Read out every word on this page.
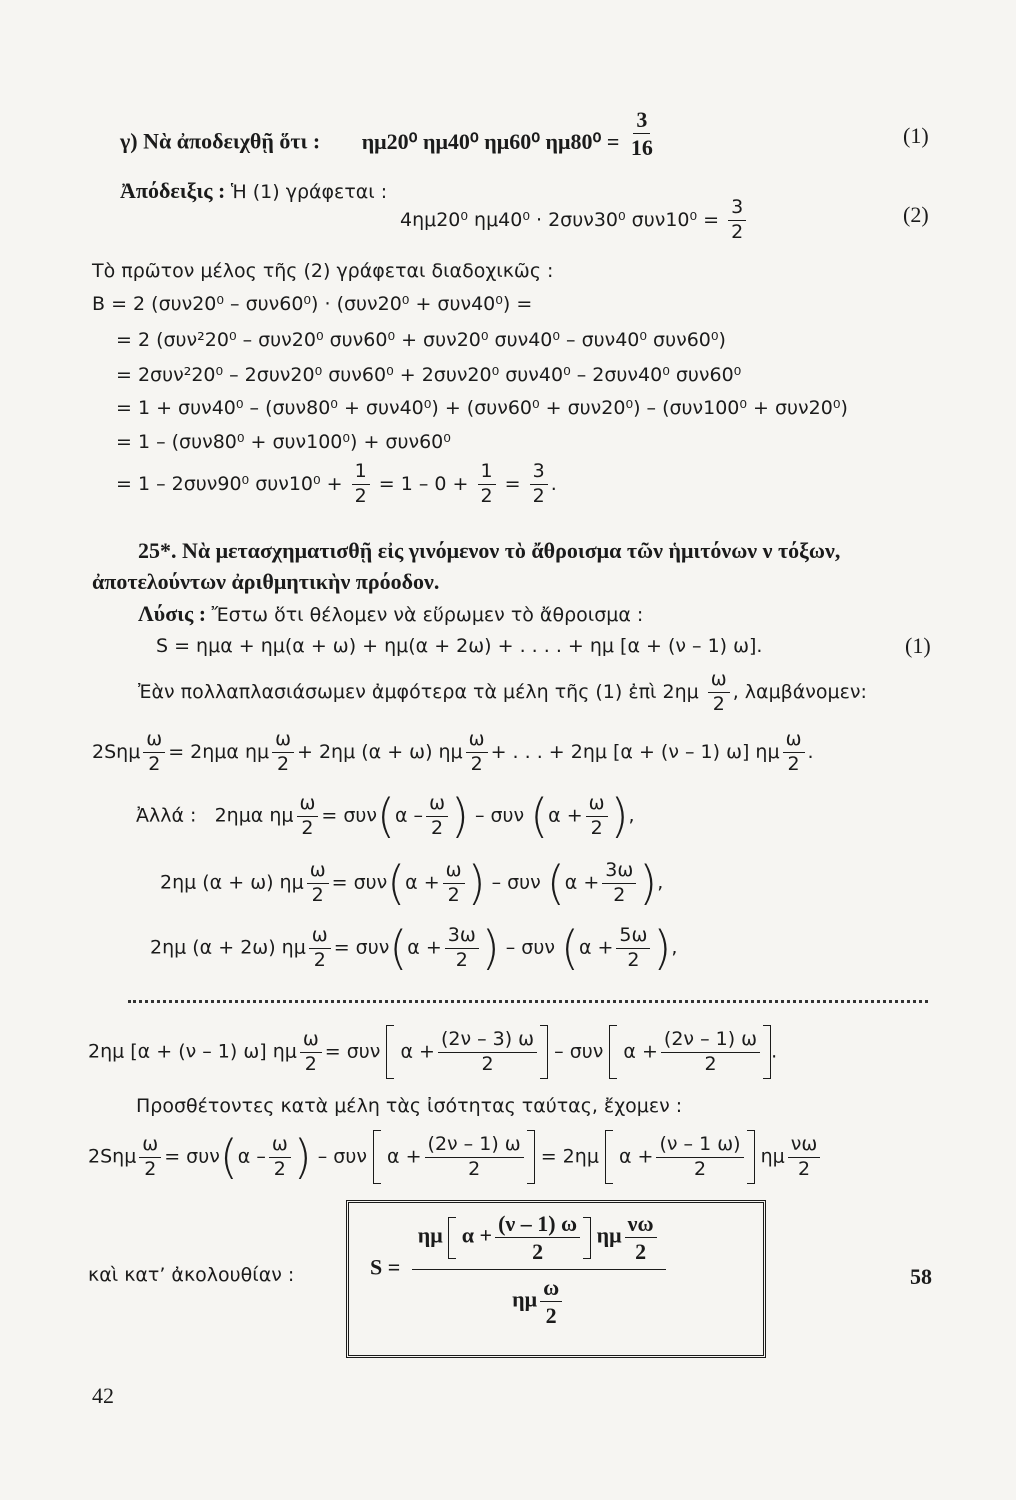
γ) Νὰ ἀποδειχθῇ ὅτι : ημ20⁰ ημ40⁰ ημ60⁰ $\eta\mu 80^0 = \frac{3}{16}$	(1)
Ἀπόδειξις : Ἡ (1) γράφεται :
4ημ20⁰ ημ40⁰ · 2συν30⁰ $\sigma\upsilon\nu 10^0 = \frac{3}{2}$	(2)
Τὸ πρῶτον μέλος τῆς (2) γράφεται διαδοχικῶς :
Β = 2 (συν20⁰ – συν60⁰) · (συν20⁰ + συν40⁰) =
= 2 (συν²20⁰ – συν20⁰ συν60⁰ + συν20⁰ συν40⁰ – συν40⁰ συν60⁰)
= 2συν²20⁰ – 2συν20⁰ συν60⁰ + 2συν20⁰ συν40⁰ – 2συν40⁰ συν60⁰
= 1 + συν40⁰ – (συν80⁰ + συν40⁰) + (συν60⁰ + συν20⁰) – (συν100⁰ + συν20⁰)
= 1 – (συν80⁰ + συν100⁰) + συν60⁰
= 1 – 2συν90⁰ $\sigma\upsilon\nu 10^0 + \frac{1}{2} = 1 - 0 + \frac{1}{2} = \frac{3}{2}$ .
25*. Νὰ μετασχηματισθῇ εἰς γινόμενον τὸ ἄθροισμα τῶν ἡμιτόνων ν τόξων,
ἀποτελούντων ἀριθμητικὴν πρόοδον.
Λύσις : Ἔστω ὅτι θέλομεν νὰ εὕρωμεν τὸ ἄθροισμα :
S = ημα + ημ(α + ω) + ημ(α + 2ω) + . . . . + ημ [α + (ν – 1) ω].	(1)
Ἐὰν πολλαπλασιάσωμεν ἀμφότερα τὰ μέλη τῆς (1) ἐπὶ $2\eta\mu \frac{\omega}{2}$ , λαμβάνομεν:
$2S\eta\mu \frac{\omega}{2} = 2\eta\mu\alpha$ ημ $\frac{\omega}{2} + 2\eta\mu$ (α + ω) ημ $\frac{\omega}{2}$ + . . . + 2ημ [α + (ν – 1) ω] ημ $\frac{\omega}{2}$ .
Ἀλλά :   2ημα ημ $\frac{\omega}{2} = \sigma\upsilon\nu(\alpha - \frac{\omega}{2}$ ) – συν ($\alpha + \frac{\omega}{2}$ ),
2ημ (α + ω) ημ $\frac{\omega}{2} = \sigma\upsilon\nu(\alpha + \frac{\omega}{2}$ ) – συν ($\alpha + \frac{3\omega}{2}$ ),
2ημ (α + 2ω) ημ $\frac{\omega}{2} = \sigma\upsilon\nu(\alpha + \frac{3\omega}{2}$ ) – συν ($\alpha + \frac{5\omega}{2}$ ),
2ημ [α + (ν – 1) ω] ημ $\frac{\omega}{2} = \sigma\upsilon\nu$  $\alpha + \frac{(2\nu - 3) \omega}{2} - \sigma\upsilon\nu$  $\alpha + \frac{(2\nu - 1) \omega}{2}$ .
Προσθέτοντες κατὰ μέλη τὰς ἰσότητας ταύτας, ἔχομεν :
$2S\eta\mu \frac{\omega}{2} = \sigma\upsilon\nu(\alpha - \frac{\omega}{2}$ ) – συν  $\alpha + \frac{(2\nu - 1) \omega}{2} = 2\eta\mu$  $\alpha + \frac{(\nu - 1 \omega)}{2}$ ημ $\frac{\nu\omega}{2}$
καὶ κατ’ ἀκολουθίαν :	$S = \frac{\eta\mu \alpha + \frac{(\nu - 1) \omega}{2} \eta\mu \frac{\nu\omega}{2}}{\eta\mu \frac{\omega}{2}}$	58
42
